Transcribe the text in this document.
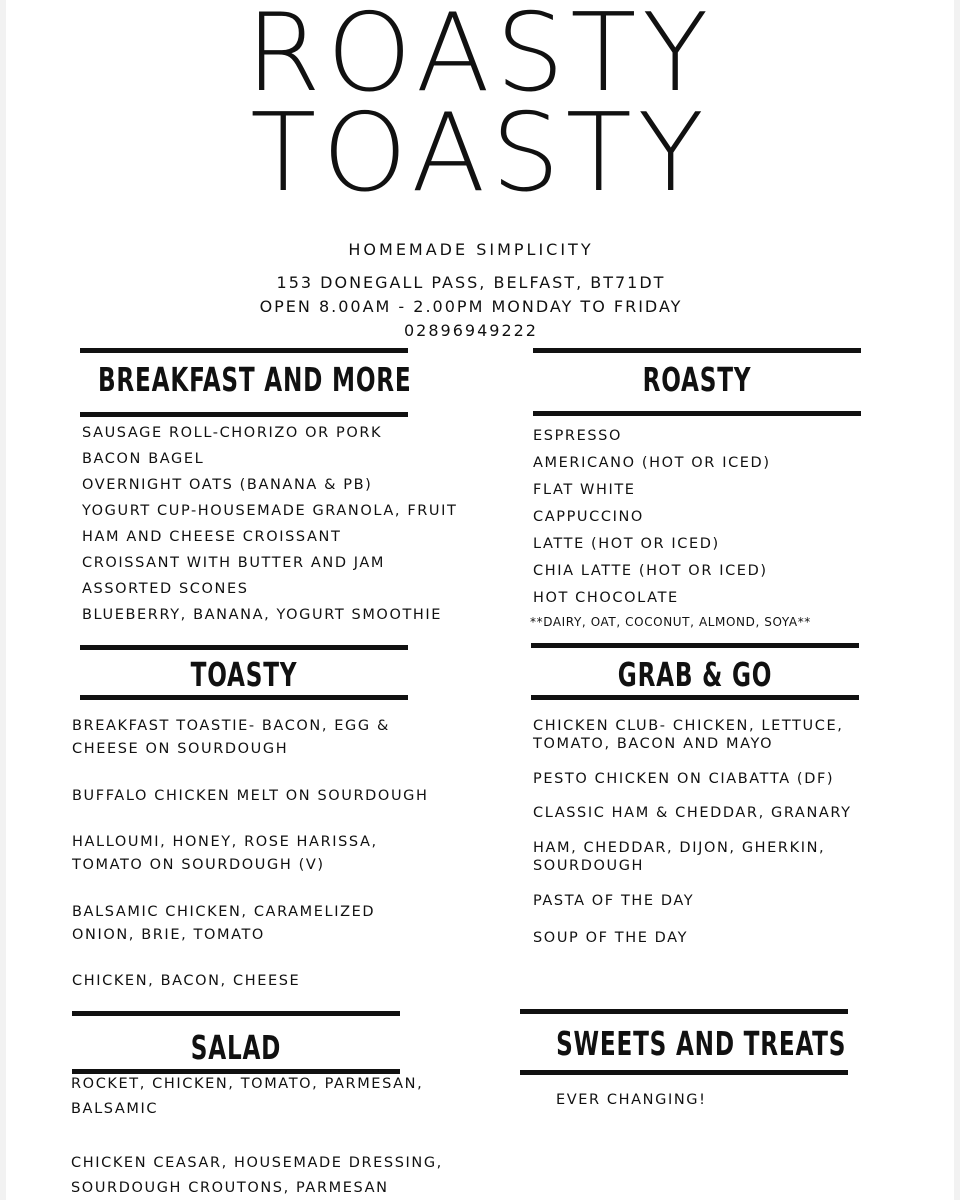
ROASTY
TOASTY
HOMEMADE SIMPLICITY
153 DONEGALL PASS, BELFAST, BT71DT
OPEN 8.00AM - 2.00PM MONDAY TO FRIDAY
02896949222
BREAKFAST AND MORE
SAUSAGE ROLL-CHORIZO OR PORK
BACON BAGEL
OVERNIGHT OATS (BANANA & PB)
YOGURT CUP-HOUSEMADE GRANOLA, FRUIT
HAM AND CHEESE CROISSANT
CROISSANT WITH BUTTER AND JAM
ASSORTED SCONES
BLUEBERRY, BANANA, YOGURT SMOOTHIE
ROASTY
ESPRESSO
AMERICANO (HOT OR ICED)
FLAT WHITE
CAPPUCCINO
LATTE (HOT OR ICED)
CHIA LATTE (HOT OR ICED)
HOT CHOCOLATE
**DAIRY, OAT, COCONUT, ALMOND, SOYA**
TOASTY
BREAKFAST TOASTIE- BACON, EGG &
CHEESE ON SOURDOUGH
BUFFALO CHICKEN MELT ON SOURDOUGH
HALLOUMI, HONEY, ROSE HARISSA,
TOMATO ON SOURDOUGH (V)
BALSAMIC CHICKEN, CARAMELIZED
ONION, BRIE, TOMATO
CHICKEN, BACON, CHEESE
GRAB & GO
CHICKEN CLUB- CHICKEN, LETTUCE,
TOMATO, BACON AND MAYO
PESTO CHICKEN ON CIABATTA (DF)
CLASSIC HAM & CHEDDAR, GRANARY
HAM, CHEDDAR, DIJON, GHERKIN,
SOURDOUGH
PASTA OF THE DAY
SOUP OF THE DAY
SALAD
ROCKET, CHICKEN, TOMATO, PARMESAN,
BALSAMIC
CHICKEN CEASAR, HOUSEMADE DRESSING,
SOURDOUGH CROUTONS, PARMESAN
SWEETS AND TREATS
EVER CHANGING!
